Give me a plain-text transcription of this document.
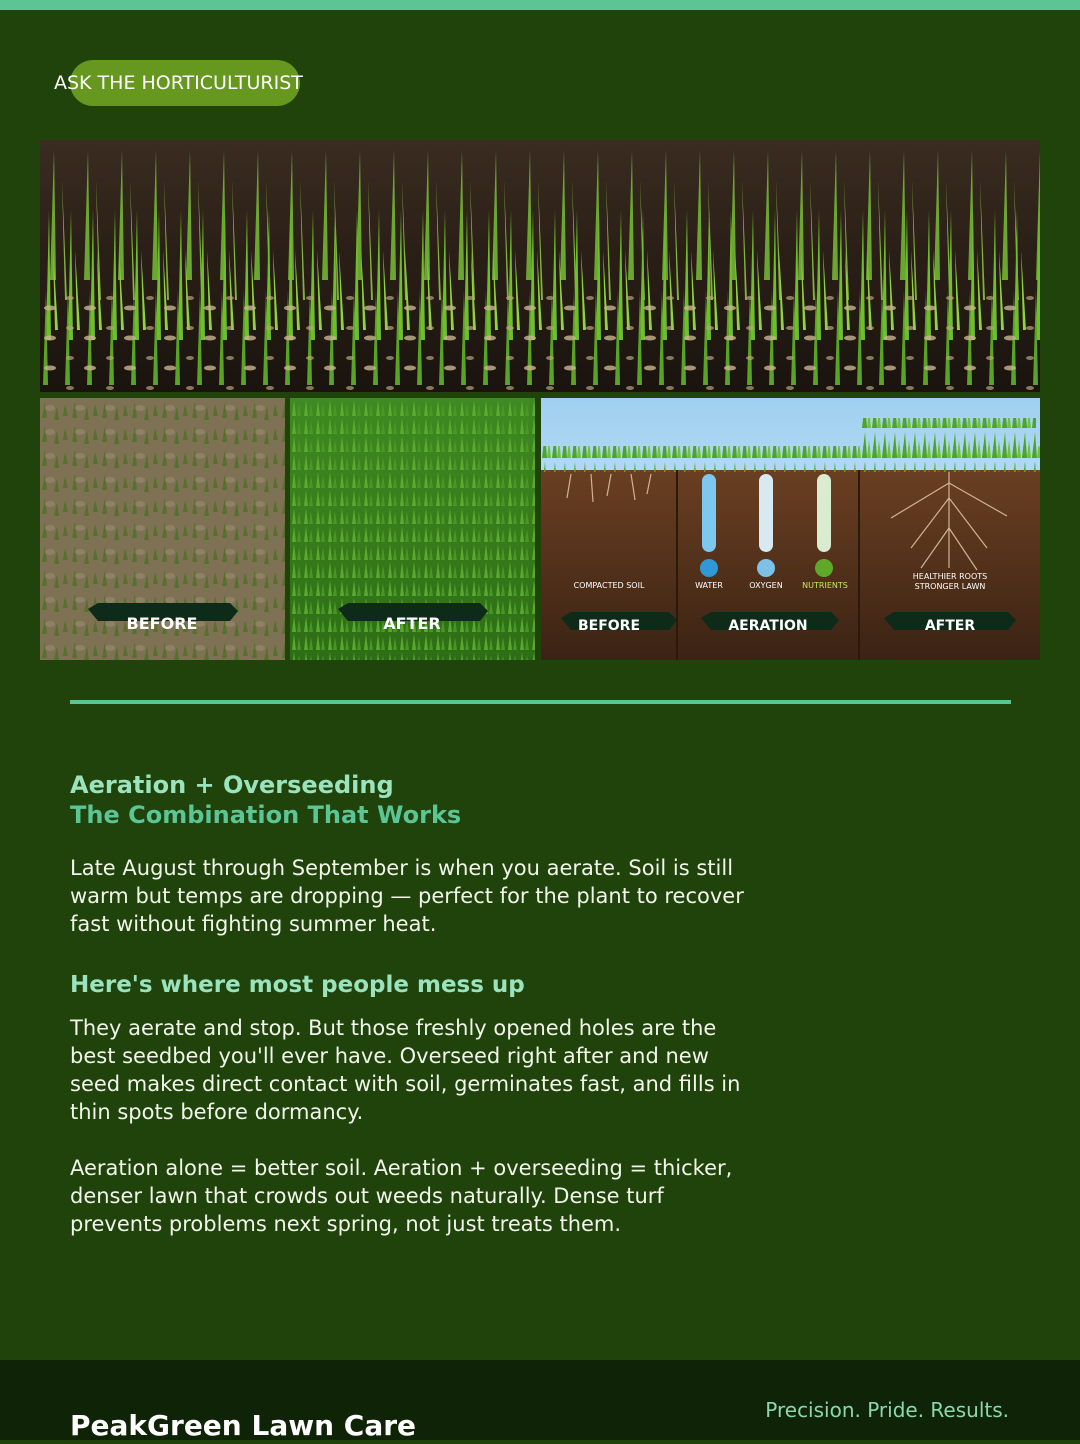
ASK THE HORTICULTURIST
BEFORE	AFTER
COMPACTED SOIL	WATER	OXYGEN NUTRIENTS
HEALTHIER ROOTS
STRONGER LAWN
BEFORE	AERATION	AFTER
Aeration + Overseeding
The Combination That Works
Late August through September is when you aerate. Soil is still warm but temps are dropping — perfect for the plant to recover fast without fighting summer heat.
Here's where most people mess up
They aerate and stop. But those freshly opened holes are the best seedbed you'll ever have. Overseed right after and new seed makes direct contact with soil, germinates fast, and fills in thin spots before dormancy.
Aeration alone = better soil. Aeration + overseeding = thicker, denser lawn that crowds out weeds naturally. Dense turf prevents problems next spring, not just treats them.
PeakGreen Lawn Care	Precision. Pride. Results.
